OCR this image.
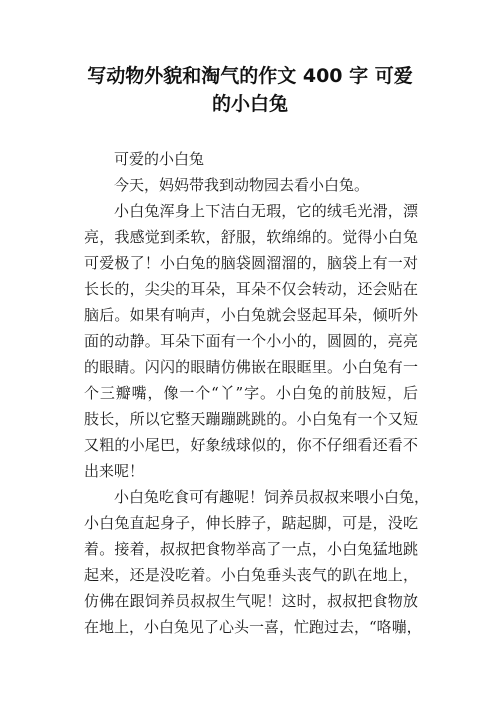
写动物外貌和淘气的作文 400 字 可爱
的小白兔

可爱的小白兔

今天，妈妈带我到动物园去看小白兔。

小白兔浑身上下洁白无瑕，它的绒毛光滑，漂
亮，我感觉到柔软，舒服，软绵绵的。觉得小白兔
可爱极了！小白兔的脑袋圆溜溜的，脑袋上有一对
长长的，尖尖的耳朵，耳朵不仅会转动，还会贴在
脑后。如果有响声，小白兔就会竖起耳朵，倾听外
面的动静。耳朵下面有一个小小的，圆圆的，亮亮
的眼睛。闪闪的眼睛仿佛嵌在眼眶里。小白兔有一
个三瓣嘴，像一个“丫”字。小白兔的前肢短，后
肢长，所以它整天蹦蹦跳跳的。小白兔有一个又短
又粗的小尾巴，好象绒球似的，你不仔细看还看不
出来呢！

小白兔吃食可有趣呢！饲养员叔叔来喂小白兔，
小白兔直起身子，伸长脖子，踮起脚，可是，没吃
着。接着，叔叔把食物举高了一点，小白兔猛地跳
起来，还是没吃着。小白兔垂头丧气的趴在地上，
仿佛在跟饲养员叔叔生气呢！这时，叔叔把食物放
在地上，小白兔见了心头一喜，忙跑过去，“咯嘣，
